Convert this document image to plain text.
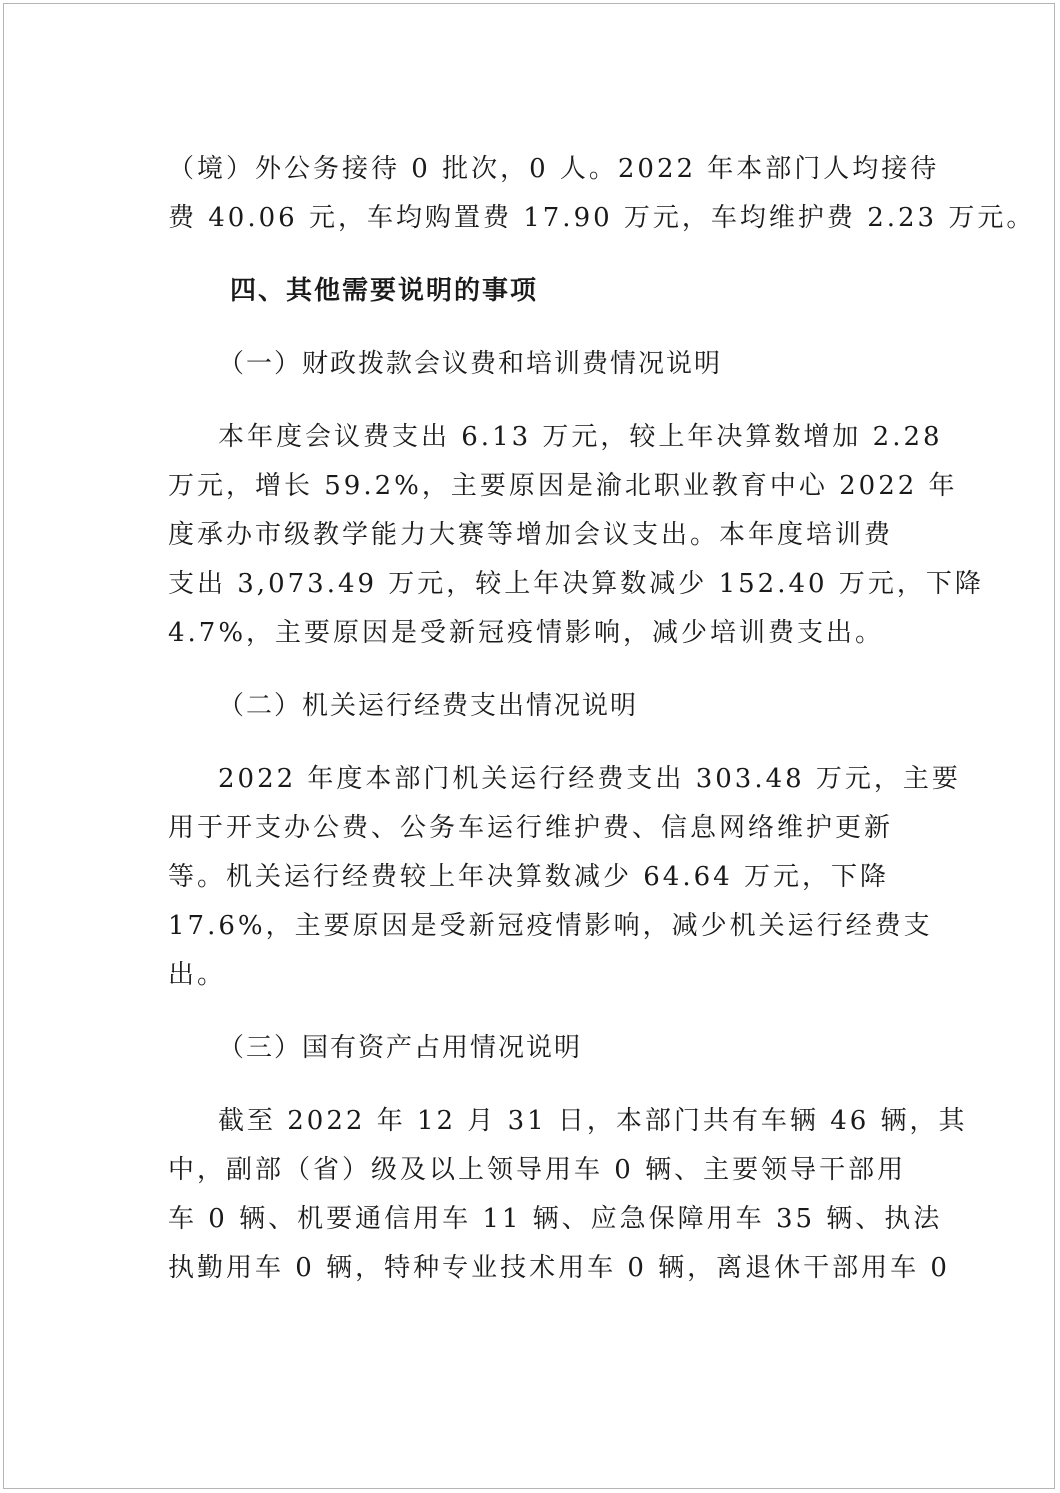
（境）外公务接待 0 批次，0 人。2022 年本部门人均接待
费 40.06 元，车均购置费 17.90 万元，车均维护费 2.23 万元。
四、其他需要说明的事项
（一）财政拨款会议费和培训费情况说明
本年度会议费支出 6.13 万元，较上年决算数增加 2.28
万元，增长 59.2%，主要原因是渝北职业教育中心 2022 年
度承办市级教学能力大赛等增加会议支出。本年度培训费
支出 3,073.49 万元，较上年决算数减少 152.40 万元，下降
4.7%，主要原因是受新冠疫情影响，减少培训费支出。
（二）机关运行经费支出情况说明
2022 年度本部门机关运行经费支出 303.48 万元，主要
用于开支办公费、公务车运行维护费、信息网络维护更新
等。机关运行经费较上年决算数减少 64.64 万元，下降
17.6%，主要原因是受新冠疫情影响，减少机关运行经费支
出。
（三）国有资产占用情况说明
截至 2022 年 12 月 31 日，本部门共有车辆 46 辆，其
中，副部（省）级及以上领导用车 0 辆、主要领导干部用
车 0 辆、机要通信用车 11 辆、应急保障用车 35 辆、执法
执勤用车 0 辆，特种专业技术用车 0 辆，离退休干部用车 0
